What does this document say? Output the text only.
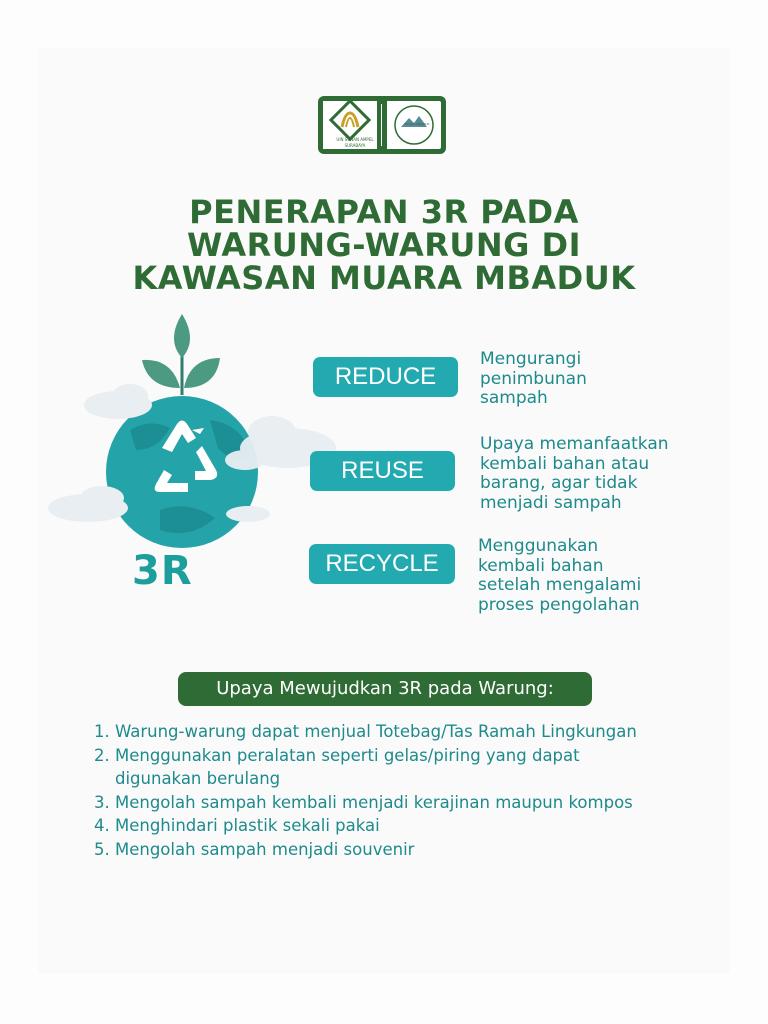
UIN SUNAN AMPEL
SURABAYA
MUARA MBADUK
PENERAPAN 3R PADA
WARUNG-WARUNG DI
KAWASAN MUARA MBADUK
3R
REDUCE
Mengurangi
penimbunan
sampah
REUSE
Upaya memanfaatkan
kembali bahan atau
barang, agar tidak
menjadi sampah
RECYCLE
Menggunakan
kembali bahan
setelah mengalami
proses pengolahan
Upaya Mewujudkan 3R pada Warung:
1. Warung-warung dapat menjual Totebag/Tas Ramah Lingkungan
2. Menggunakan peralatan seperti gelas/piring yang dapat
digunakan berulang
3. Mengolah sampah kembali menjadi kerajinan maupun kompos
4. Menghindari plastik sekali pakai
5. Mengolah sampah menjadi souvenir
